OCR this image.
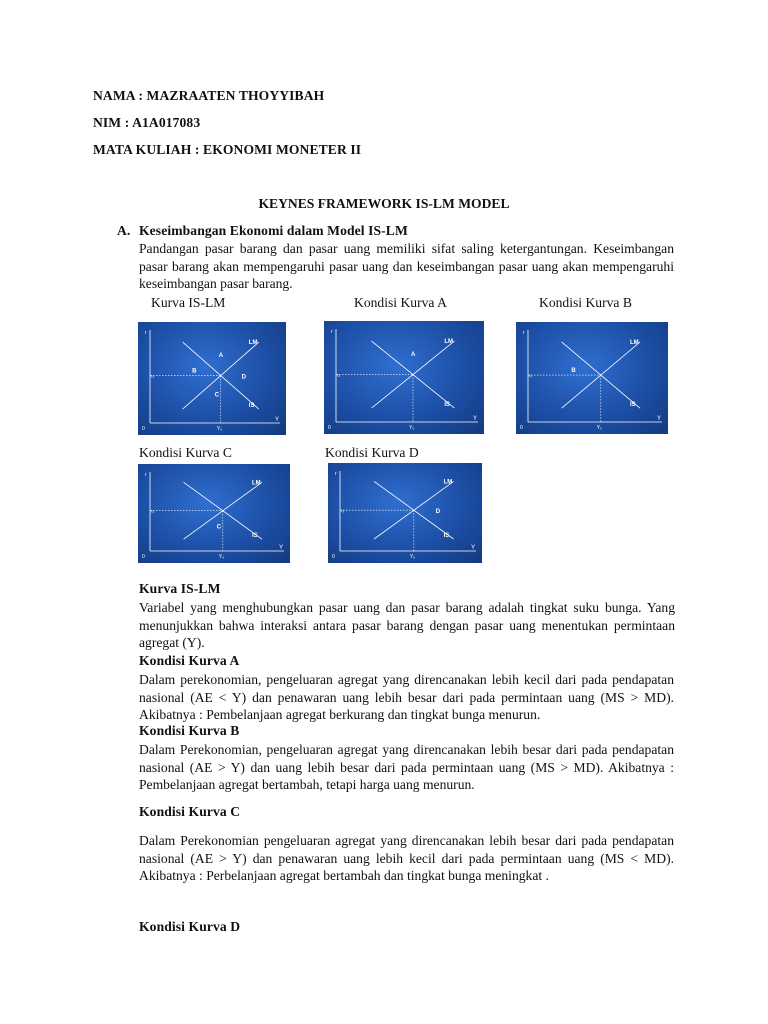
NAMA : MAZRAATEN THOYYIBAH
NIM : A1A017083
MATA KULIAH : EKONOMI MONETER II
KEYNES FRAMEWORK IS-LM MODEL
A. Keseimbangan Ekonomi dalam Model IS-LM
Pandangan pasar barang dan pasar uang memiliki sifat saling ketergantungan. Keseimbangan pasar barang akan mempengaruhi pasar uang dan keseimbangan pasar uang akan mempengaruhi keseimbangan pasar barang.
Kurva IS-LM	Kondisi Kurva A	Kondisi Kurva B
r
Y
0
r₀
Y₀
LM
IS
A
B
C
D
r
Y
0
r₀
Y₀
LM
IS
A
r
Y
0
r₀
Y₀
LM
IS
B
Kondisi Kurva C	Kondisi Kurva D
r
Y
0
r₀
Y₀
LM
IS
C
r
Y
0
r₀
Y₀
LM
IS
D
Kurva IS-LM
Variabel yang menghubungkan pasar uang dan pasar barang adalah tingkat suku bunga. Yang menunjukkan bahwa interaksi antara pasar barang dengan pasar uang menentukan permintaan agregat (Y).
Kondisi Kurva A
Dalam perekonomian, pengeluaran agregat yang direncanakan lebih kecil dari pada pendapatan nasional (AE < Y) dan penawaran uang lebih besar dari pada permintaan uang (MS > MD). Akibatnya : Pembelanjaan agregat berkurang dan tingkat bunga menurun.
Kondisi Kurva B
Dalam Perekonomian, pengeluaran agregat yang direncanakan lebih besar dari pada pendapatan nasional (AE > Y) dan uang lebih besar dari pada permintaan uang (MS > MD). Akibatnya : Pembelanjaan agregat bertambah, tetapi harga uang menurun.
Kondisi Kurva C
Dalam Perekonomian pengeluaran agregat yang direncanakan lebih besar dari pada pendapatan nasional (AE > Y) dan penawaran uang lebih kecil dari pada permintaan uang (MS < MD). Akibatnya : Perbelanjaan agregat bertambah dan tingkat bunga meningkat .
Kondisi Kurva D
